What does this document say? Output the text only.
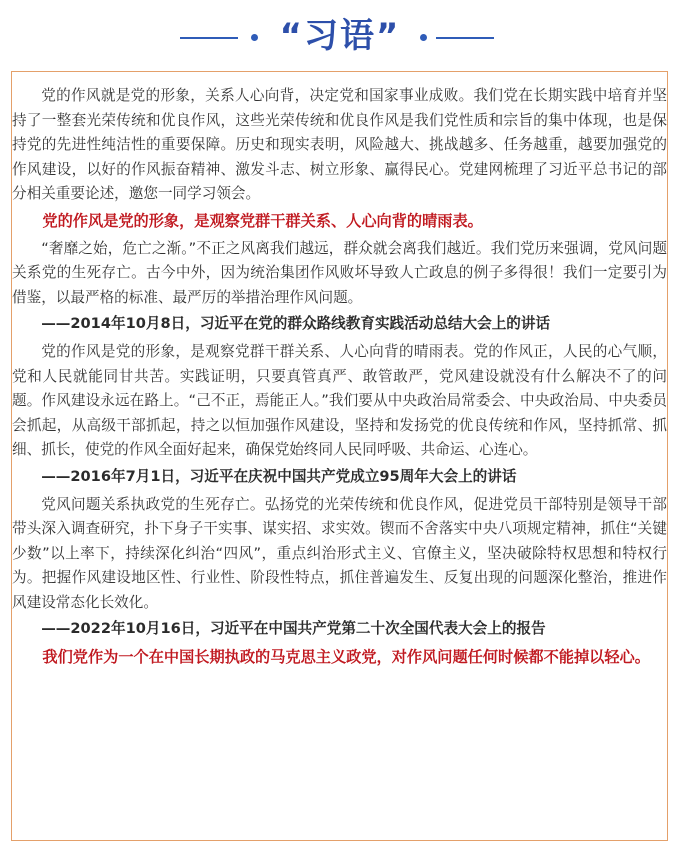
“习语”

党的作风就是党的形象，关系人心向背，决定党和国家事业成败。我们党在长期实践中培育并坚持了一整套光荣传统和优良作风，这些光荣传统和优良作风是我们党性质和宗旨的集中体现，也是保持党的先进性纯洁性的重要保障。历史和现实表明，风险越大、挑战越多、任务越重，越要加强党的作风建设，以好的作风振奋精神、激发斗志、树立形象、赢得民心。党建网梳理了习近平总书记的部分相关重要论述，邀您一同学习领会。

党的作风是党的形象，是观察党群干群关系、人心向背的晴雨表。

“奢靡之始，危亡之渐。”不正之风离我们越远，群众就会离我们越近。我们党历来强调，党风问题关系党的生死存亡。古今中外，因为统治集团作风败坏导致人亡政息的例子多得很！我们一定要引为借鉴，以最严格的标准、最严厉的举措治理作风问题。

——2014年10月8日，习近平在党的群众路线教育实践活动总结大会上的讲话

党的作风是党的形象，是观察党群干群关系、人心向背的晴雨表。党的作风正，人民的心气顺，党和人民就能同甘共苦。实践证明，只要真管真严、敢管敢严，党风建设就没有什么解决不了的问题。作风建设永远在路上。“己不正，焉能正人。”我们要从中央政治局常委会、中央政治局、中央委员会抓起，从高级干部抓起，持之以恒加强作风建设，坚持和发扬党的优良传统和作风，坚持抓常、抓细、抓长，使党的作风全面好起来，确保党始终同人民同呼吸、共命运、心连心。

——2016年7月1日，习近平在庆祝中国共产党成立95周年大会上的讲话

党风问题关系执政党的生死存亡。弘扬党的光荣传统和优良作风，促进党员干部特别是领导干部带头深入调查研究，扑下身子干实事、谋实招、求实效。锲而不舍落实中央八项规定精神，抓住“关键少数”以上率下，持续深化纠治“四风”，重点纠治形式主义、官僚主义，坚决破除特权思想和特权行为。把握作风建设地区性、行业性、阶段性特点，抓住普遍发生、反复出现的问题深化整治，推进作风建设常态化长效化。

——2022年10月16日，习近平在中国共产党第二十次全国代表大会上的报告

我们党作为一个在中国长期执政的马克思主义政党，对作风问题任何时候都不能掉以轻心。
